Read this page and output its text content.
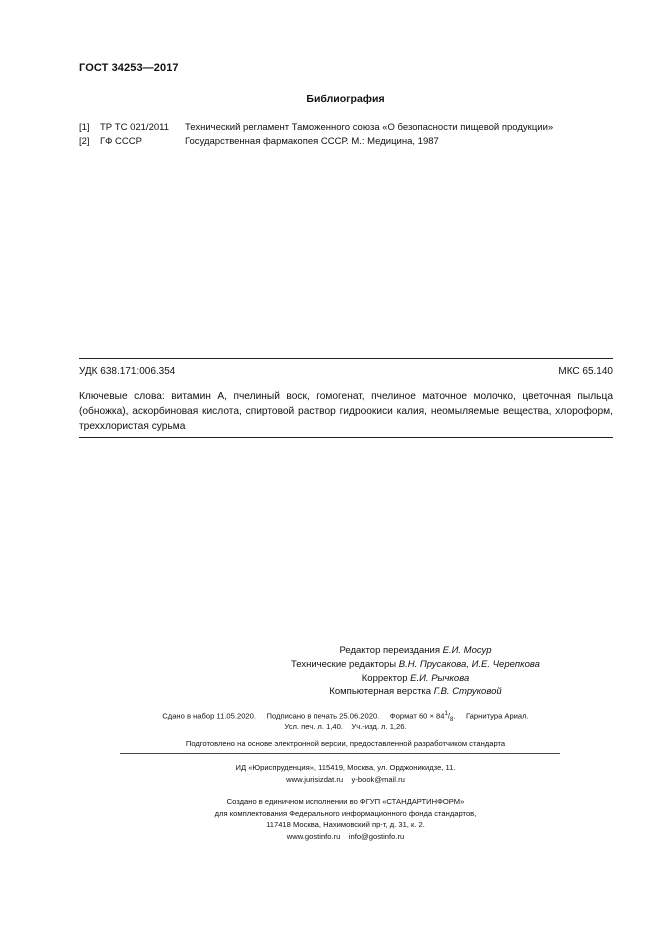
ГОСТ 34253—2017
Библиография
[1] ТР ТС 021/2011 Технический регламент Таможенного союза «О безопасности пищевой продукции»
[2] ГФ СССР	Государственная фармакопея СССР. М.: Медицина, 1987
УДК 638.171:006.354	МКС 65.140
Ключевые слова: витамин А, пчелиный воск, гомогенат, пчелиное маточное молочко, цветочная пыльца (обножка), аскорбиновая кислота, спиртовой раствор гидроокиси калия, неомыляемые вещества, хлороформ, треххлористая сурьма
Редактор переиздания Е.И. Мосур
Технические редакторы В.Н. Прусакова, И.Е. Черепкова
Корректор Е.И. Рычкова
Компьютерная верстка Г.В. Струковой
Сдано в набор 11.05.2020. Подписано в печать 25.06.2020. Формат $60 \times 84^1/_8$. Гарнитура Ариал.
Усл. печ. л. 1,40. Уч.-изд. л. 1,26.
Подготовлено на основе электронной версии, предоставленной разработчиком стандарта
ИД «Юриспруденция», 115419, Москва, ул. Орджоникидзе, 11.
www.jurisizdat.ru    y-book@mail.ru
Создано в единичном исполнении во ФГУП «СТАНДАРТИНФОРМ»
для комплектования Федерального информационного фонда стандартов,
117418 Москва, Нахимовский пр-т, д. 31, к. 2.
www.gostinfo.ru    info@gostinfo.ru
